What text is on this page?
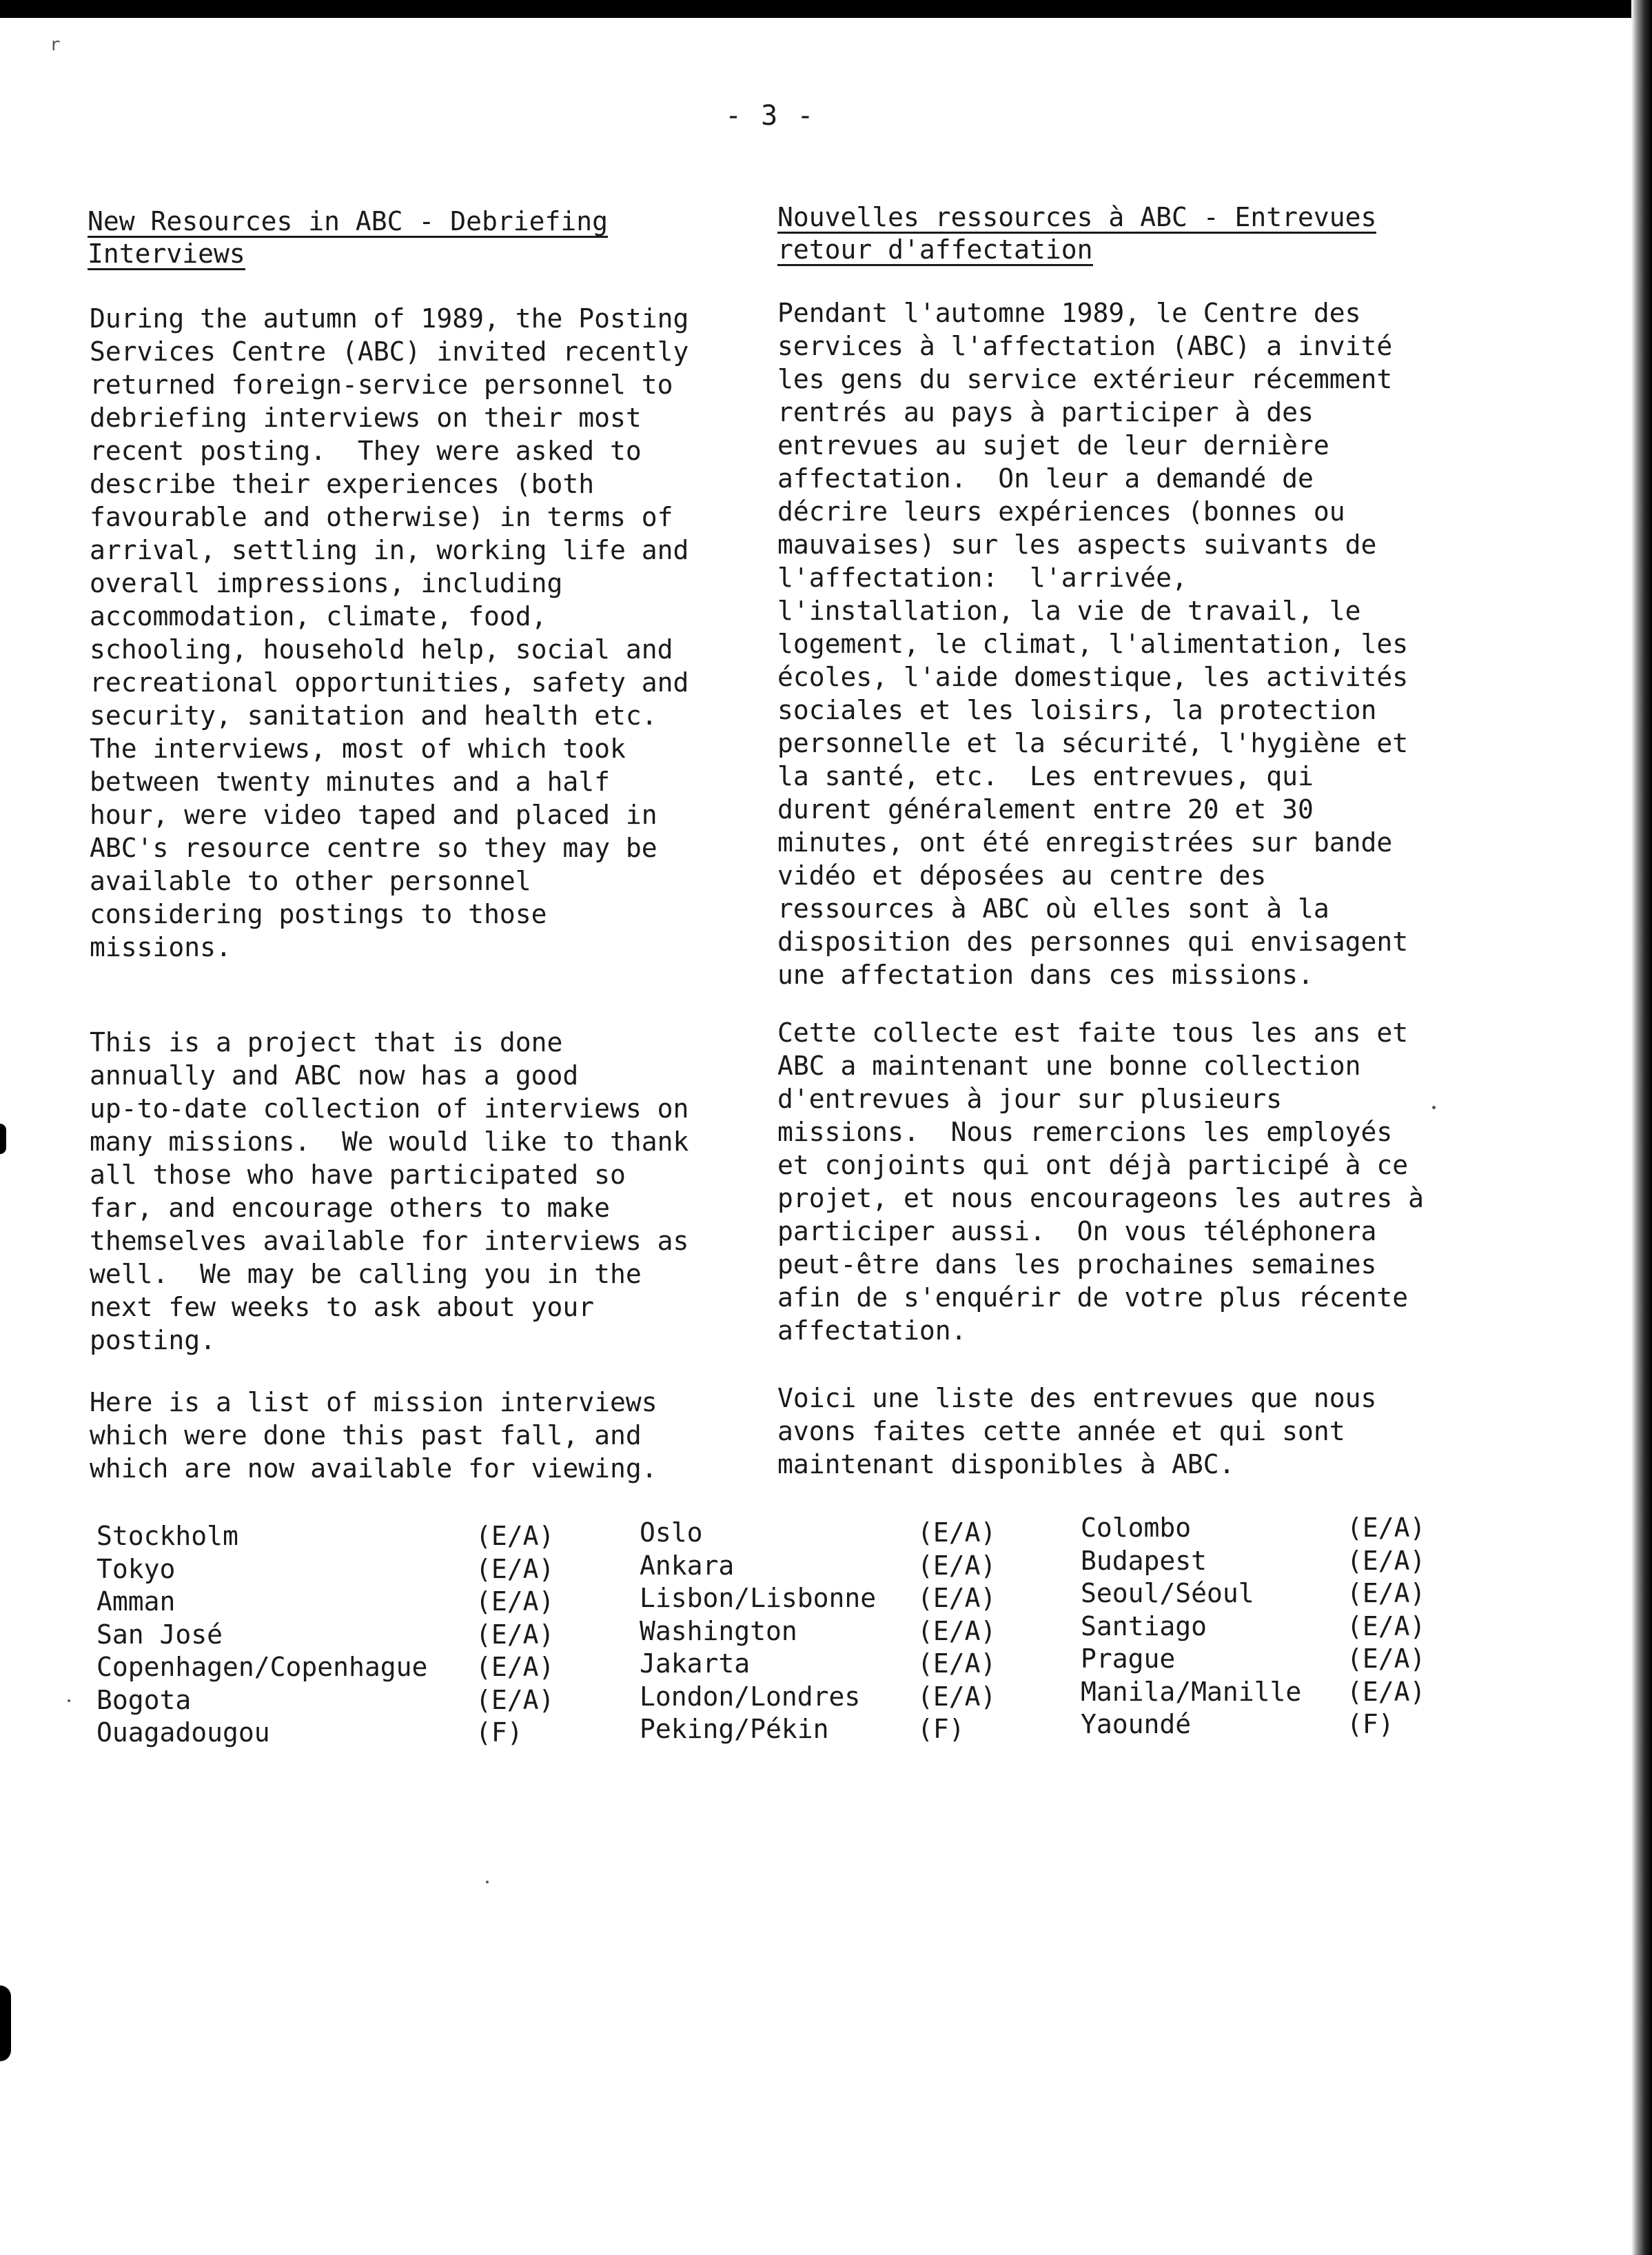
r
- 3 -
New Resources in ABC - Debriefing
Interviews
During the autumn of 1989, the Posting
Services Centre (ABC) invited recently
returned foreign-service personnel to
debriefing interviews on their most
recent posting.  They were asked to
describe their experiences (both
favourable and otherwise) in terms of
arrival, settling in, working life and
overall impressions, including
accommodation, climate, food,
schooling, household help, social and
recreational opportunities, safety and
security, sanitation and health etc.
The interviews, most of which took
between twenty minutes and a half
hour, were video taped and placed in
ABC's resource centre so they may be
available to other personnel
considering postings to those
missions.
This is a project that is done
annually and ABC now has a good
up-to-date collection of interviews on
many missions.  We would like to thank
all those who have participated so
far, and encourage others to make
themselves available for interviews as
well.  We may be calling you in the
next few weeks to ask about your
posting.
Here is a list of mission interviews
which were done this past fall, and
which are now available for viewing.
Nouvelles ressources à ABC - Entrevues
retour d'affectation
Pendant l'automne 1989, le Centre des
services à l'affectation (ABC) a invité
les gens du service extérieur récemment
rentrés au pays à participer à des
entrevues au sujet de leur dernière
affectation.  On leur a demandé de
décrire leurs expériences (bonnes ou
mauvaises) sur les aspects suivants de
l'affectation:  l'arrivée,
l'installation, la vie de travail, le
logement, le climat, l'alimentation, les
écoles, l'aide domestique, les activités
sociales et les loisirs, la protection
personnelle et la sécurité, l'hygiène et
la santé, etc.  Les entrevues, qui
durent généralement entre 20 et 30
minutes, ont été enregistrées sur bande
vidéo et déposées au centre des
ressources à ABC où elles sont à la
disposition des personnes qui envisagent
une affectation dans ces missions.
Cette collecte est faite tous les ans et
ABC a maintenant une bonne collection
d'entrevues à jour sur plusieurs
missions.  Nous remercions les employés
et conjoints qui ont déjà participé à ce
projet, et nous encourageons les autres à
participer aussi.  On vous téléphonera
peut-être dans les prochaines semaines
afin de s'enquérir de votre plus récente
affectation.
Voici une liste des entrevues que nous
avons faites cette année et qui sont
maintenant disponibles à ABC.
Stockholm	(E/A)
Tokyo	(E/A)
Amman	(E/A)
San José	(E/A)
Copenhagen/Copenhague (E/A)
Bogota	(E/A)
Ouagadougou	(F)
Oslo	(E/A)
Ankara	(E/A)
Lisbon/Lisbonne (E/A)
Washington	(E/A)
Jakarta	(E/A)
London/Londres (E/A)
Peking/Pékin	(F)
Colombo	(E/A)
Budapest	(E/A)
Seoul/Séoul	(E/A)
Santiago	(E/A)
Prague	(E/A)
Manila/Manille (E/A)
Yaoundé	(F)
